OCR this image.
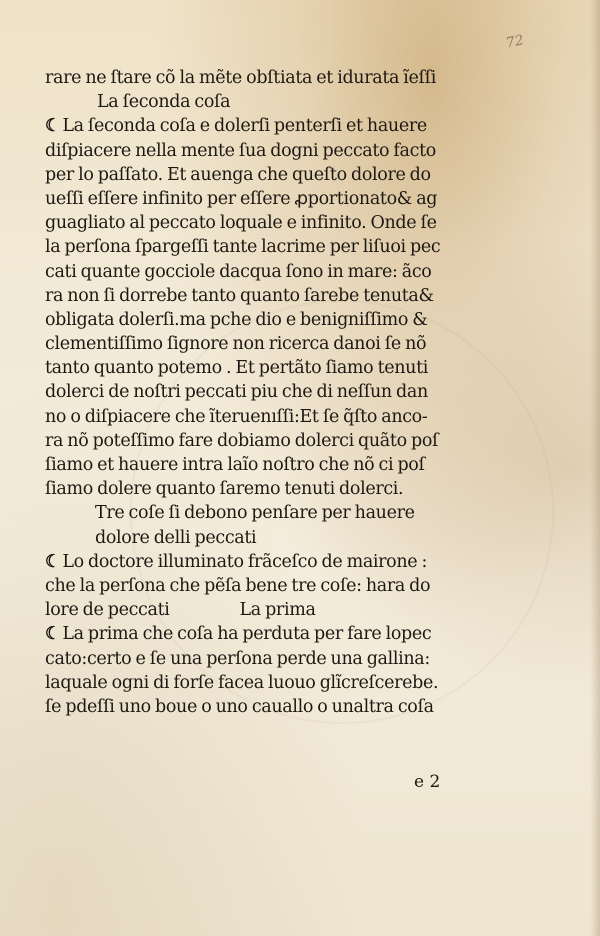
72
rare ne ſtare cõ la mẽte obſtiata et idurata ĩeſſi
La ſeconda coſa
☾ La ſeconda coſa e dolerſi penterſi et hauere
diſpiacere nella mente ſua dogni peccato facto
per lo paſſato. Et auenga che queſto dolore do
ueſſi eſſere infinito per eſſere ꝓportionato& ag
guagliato al peccato loquale e infinito. Onde ſe
la perſona ſpargeſſi tante lacrime per liſuoi pec
cati quante gocciole dacqua ſono in mare: ãco
ra non ſi dorrebe tanto quanto ſarebe tenuta&
obligata dolerſi.ma pche dio e benigniſſimo &
clementiſſimo ſignore non ricerca danoi ſe nõ
tanto quanto potemo . Et pertãto ſiamo tenuti
dolerci de noſtri peccati piu che di neſſun dan
no o diſpiacere che ĩteruenıſſi:Et ſe q̃ſto anco-
ra nõ poteſſimo fare dobiamo dolerci quãto poſ
ſiamo et hauere intra laĩo noſtro che nõ ci poſ
ſiamo dolere quanto ſaremo tenuti dolerci.
Tre coſe ſi debono penſare per hauere
dolore delli peccati
☾ Lo doctore illuminato frãceſco de mairone :
che la perſona che pẽſa bene tre coſe: hara do
lore de peccati	La prima
☾ La prima che coſa ha perduta per fare lopec
cato:certo e ſe una perſona perde una gallina:
laquale ogni di forſe facea luouo glĩcreſcerebe.
ſe pdeſſi uno boue o uno cauallo o unaltra coſa
e 2
